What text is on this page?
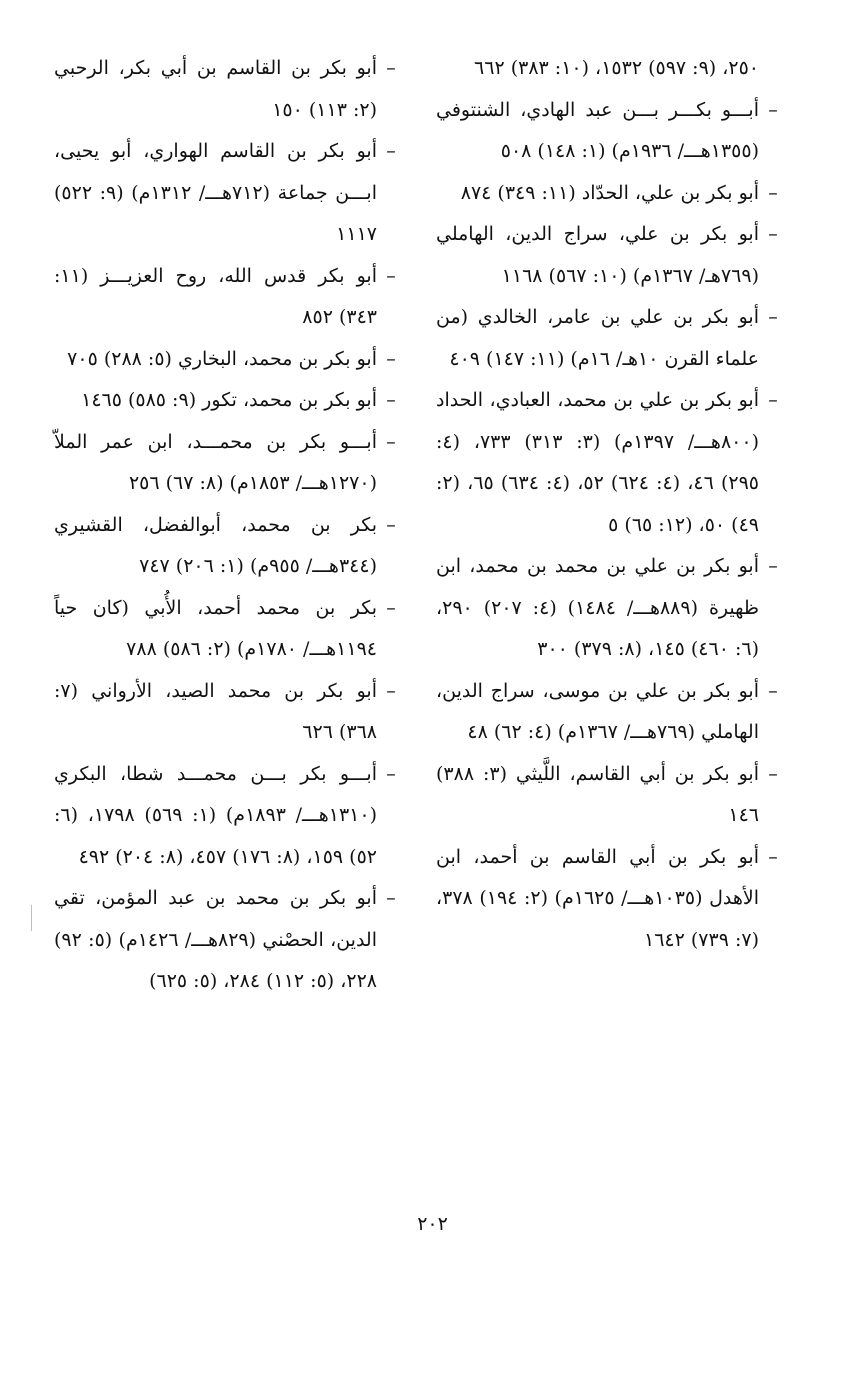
٢٥٠، (٩: ٥٩٧) ١٥٣٢، (١٠: ٣٨٣) ٦٦٢
–
أبـــو بكـــر بـــن عبد الهادي، الشنتوفي (١٣٥٥هـــ/ ١٩٣٦م) (١: ١٤٨) ٥٠٨
–
أبو بكر بن علي، الحدّاد (١١: ٣٤٩) ٨٧٤
–
أبو بكر بن علي، سراج الدين، الهاملي (٧٦٩هـ/ ١٣٦٧م) (١٠: ٥٦٧) ١١٦٨
–
أبو بكر بن علي بن عامر، الخالدي (من علماء القرن ١٠هـ/ ١٦م) (١١: ١٤٧) ٤٠٩
–
أبو بكر بن علي بن محمد، العبادي، الحداد (٨٠٠هـــ/ ١٣٩٧م) (٣: ٣١٣) ٧٣٣، (٤: ٢٩٥) ٤٦، (٤: ٦٢٤) ٥٢، (٤: ٦٣٤) ٦٥، (٢: ٤٩) ٥٠، (١٢: ٦٥) ٥
–
أبو بكر بن علي بن محمد بن محمد، ابن ظهيرة (٨٨٩هـــ/ ١٤٨٤) (٤: ٢٠٧) ٢٩٠، (٦: ٤٦٠) ١٤٥، (٨: ٣٧٩) ٣٠٠
–
أبو بكر بن علي بن موسى، سراج الدين، الهاملي (٧٦٩هـــ/ ١٣٦٧م) (٤: ٦٢) ٤٨
–
أبو بكر بن أبي القاسم، اللَّيثي (٣: ٣٨٨) ١٤٦
–
أبو بكر بن أبي القاسم بن أحمد، ابن الأهدل (١٠٣٥هـــ/ ١٦٢٥م) (٢: ١٩٤) ٣٧٨، (٧: ٧٣٩) ١٦٤٢
–
أبو بكر بن القاسم بن أبي بكر، الرحبي (٢: ١١٣) ١٥٠
–
أبو بكر بن القاسم الهواري، أبو يحيى، ابـــن جماعة (٧١٢هـــ/ ١٣١٢م) (٩: ٥٢٢) ١١١٧
–
أبو بكر قدس الله، روح العزيـــز (١١: ٣٤٣) ٨٥٢
–
أبو بكر بن محمد، البخاري (٥: ٢٨٨) ٧٠٥
–
أبو بكر بن محمد، تكور (٩: ٥٨٥) ١٤٦٥
–
أبـــو بكر بن محمـــد، ابن عمر الملاّ (١٢٧٠هـــ/ ١٨٥٣م) (٨: ٦٧) ٢٥٦
–
بكر بن محمد، أبوالفضل، القشيري (٣٤٤هـــ/ ٩٥٥م) (١: ٢٠٦) ٧٤٧
–
بكر بن محمد أحمد، الأُبي (كان حياً ١١٩٤هـــ/ ١٧٨٠م) (٢: ٥٨٦) ٧٨٨
–
أبو بكر بن محمد الصيد، الأرواني (٧: ٣٦٨) ٦٢٦
–
أبـــو بكر بـــن محمـــد شطا، البكري (١٣١٠هـــ/ ١٨٩٣م) (١: ٥٦٩) ١٧٩٨، (٦: ٥٢) ١٥٩، (٨: ١٧٦) ٤٥٧، (٨: ٢٠٤) ٤٩٢
–
أبو بكر بن محمد بن عبد المؤمن، تقي الدين، الحصْني (٨٢٩هـــ/ ١٤٢٦م) (٥: ٩٢) ٢٢٨، (٥: ١١٢) ٢٨٤، (٥: ٦٢٥)
٢٠٢
